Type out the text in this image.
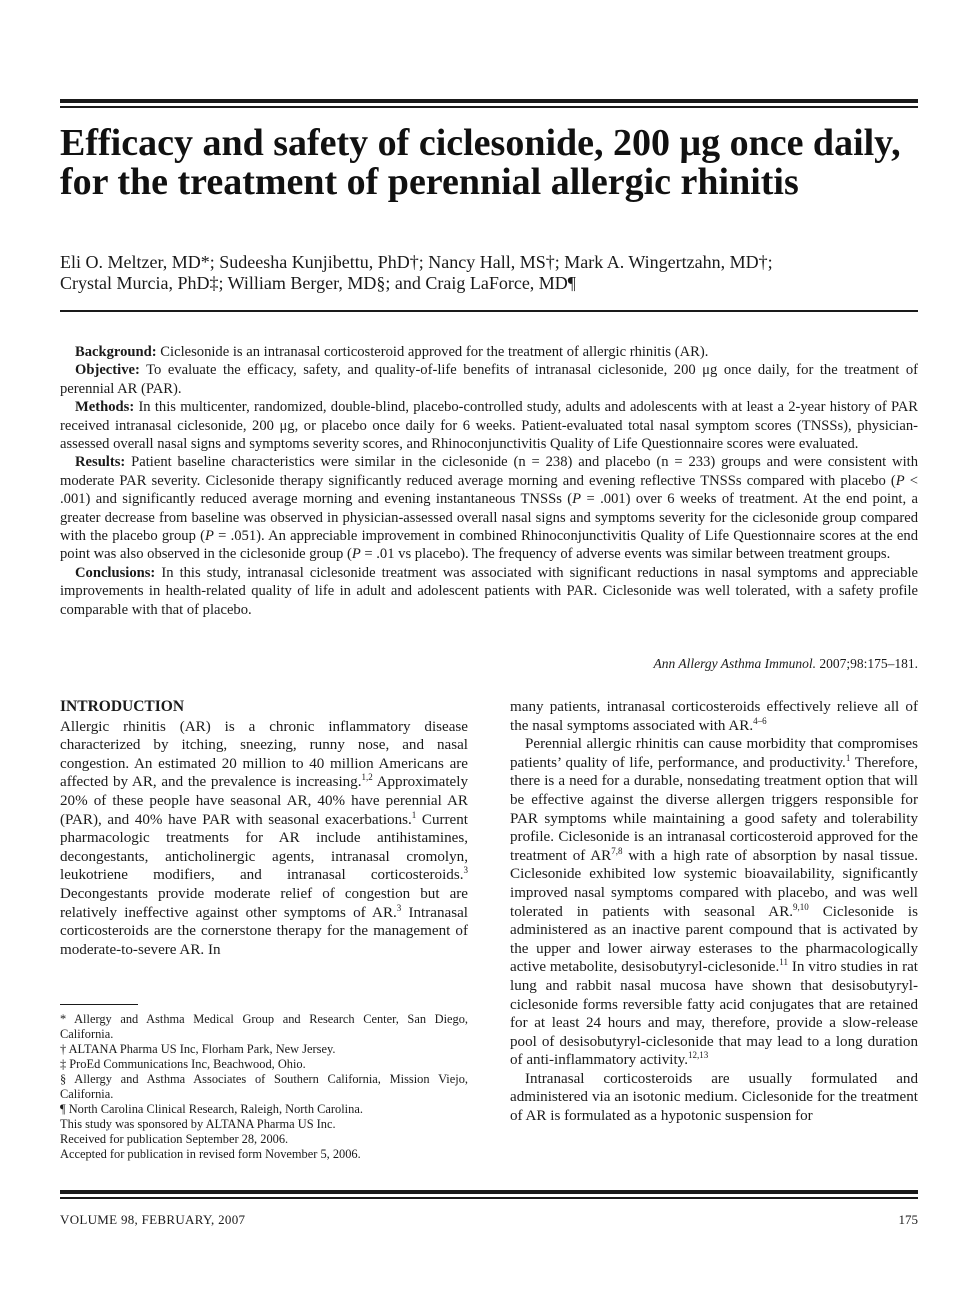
Efficacy and safety of ciclesonide, 200 μg once daily, for the treatment of perennial allergic rhinitis
Eli O. Meltzer, MD*; Sudeesha Kunjibettu, PhD†; Nancy Hall, MS†; Mark A. Wingertzahn, MD†;
Crystal Murcia, PhD‡; William Berger, MD§; and Craig LaForce, MD¶

Background: Ciclesonide is an intranasal corticosteroid approved for the treatment of allergic rhinitis (AR).

Objective: To evaluate the efficacy, safety, and quality-of-life benefits of intranasal ciclesonide, 200 μg once daily, for the treatment of perennial AR (PAR).

Methods: In this multicenter, randomized, double-blind, placebo-controlled study, adults and adolescents with at least a 2-year history of PAR received intranasal ciclesonide, 200 μg, or placebo once daily for 6 weeks. Patient-evaluated total nasal symptom scores (TNSSs), physician-assessed overall nasal signs and symptoms severity scores, and Rhinoconjunctivitis Quality of Life Questionnaire scores were evaluated.

Results: Patient baseline characteristics were similar in the ciclesonide (n = 238) and placebo (n = 233) groups and were consistent with moderate PAR severity. Ciclesonide therapy significantly reduced average morning and evening reflective TNSSs compared with placebo (P < .001) and significantly reduced average morning and evening instantaneous TNSSs (P = .001) over 6 weeks of treatment. At the end point, a greater decrease from baseline was observed in physician-assessed overall nasal signs and symptoms severity for the ciclesonide group compared with the placebo group (P = .051). An appreciable improvement in combined Rhinoconjunctivitis Quality of Life Questionnaire scores at the end point was also observed in the ciclesonide group (P = .01 vs placebo). The frequency of adverse events was similar between treatment groups.

Conclusions: In this study, intranasal ciclesonide treatment was associated with significant reductions in nasal symptoms and appreciable improvements in health-related quality of life in adult and adolescent patients with PAR. Ciclesonide was well tolerated, with a safety profile comparable with that of placebo.

Ann Allergy Asthma Immunol. 2007;98:175–181.
INTRODUCTION

Allergic rhinitis (AR) is a chronic inflammatory disease characterized by itching, sneezing, runny nose, and nasal congestion. An estimated 20 million to 40 million Americans are affected by AR, and the prevalence is increasing.$^{1,2}$ Approximately 20% of these people have seasonal AR, 40% have perennial AR (PAR), and 40% have PAR with seasonal exacerbations.$^1$ Current pharmacologic treatments for AR include antihistamines, decongestants, anticholinergic agents, intranasal cromolyn, leukotriene modifiers, and intranasal corticosteroids.$^3$ Decongestants provide moderate relief of congestion but are relatively ineffective against other symptoms of AR.$^3$ Intranasal corticosteroids are the cornerstone therapy for the management of moderate-to-severe AR. In

* Allergy and Asthma Medical Group and Research Center, San Diego, California.

† ALTANA Pharma US Inc, Florham Park, New Jersey.

‡ ProEd Communications Inc, Beachwood, Ohio.

§ Allergy and Asthma Associates of Southern California, Mission Viejo, California.

¶ North Carolina Clinical Research, Raleigh, North Carolina.

This study was sponsored by ALTANA Pharma US Inc.

Received for publication September 28, 2006.

Accepted for publication in revised form November 5, 2006.

many patients, intranasal corticosteroids effectively relieve all of the nasal symptoms associated with AR.$^{4-6}$

Perennial allergic rhinitis can cause morbidity that compromises patients’ quality of life, performance, and productivity.$^1$ Therefore, there is a need for a durable, nonsedating treatment option that will be effective against the diverse allergen triggers responsible for PAR symptoms while maintaining a good safety and tolerability profile. Ciclesonide is an intranasal corticosteroid approved for the treatment of AR$^{7,8}$ with a high rate of absorption by nasal tissue. Ciclesonide exhibited low systemic bioavailability, significantly improved nasal symptoms compared with placebo, and was well tolerated in patients with seasonal AR.$^{9,10}$ Ciclesonide is administered as an inactive parent compound that is activated by the upper and lower airway esterases to the pharmacologically active metabolite, desisobutyryl-ciclesonide.$^{11}$ In vitro studies in rat lung and rabbit nasal mucosa have shown that desisobutyryl-ciclesonide forms reversible fatty acid conjugates that are retained for at least 24 hours and may, therefore, provide a slow-release pool of desisobutyryl-ciclesonide that may lead to a long duration of anti-inflammatory activity.$^{12,13}$

Intranasal corticosteroids are usually formulated and administered via an isotonic medium. Ciclesonide for the treatment of AR is formulated as a hypotonic suspension for

VOLUME 98, FEBRUARY, 2007	175
